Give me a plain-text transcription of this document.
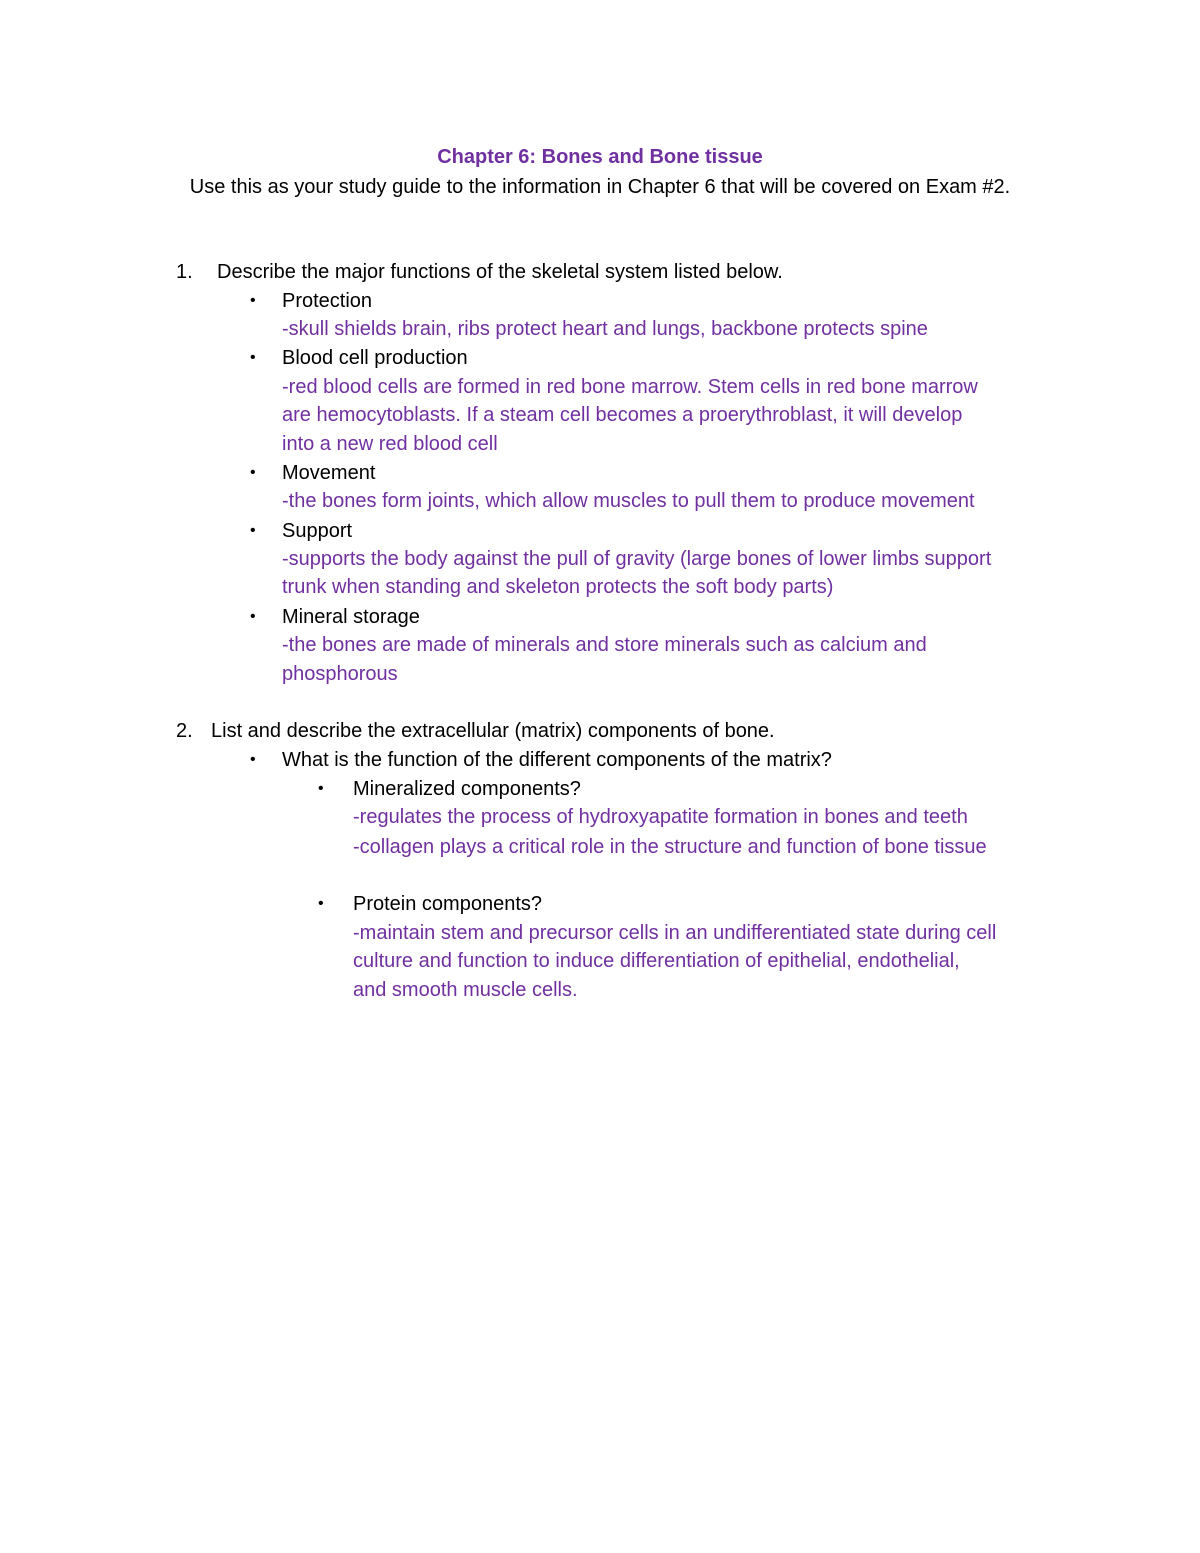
Chapter 6: Bones and Bone tissue
Use this as your study guide to the information in Chapter 6 that will be covered on Exam #2.
1. Describe the major functions of the skeletal system listed below.
• Protection
-skull shields brain, ribs protect heart and lungs, backbone protects spine
• Blood cell production
-red blood cells are formed in red bone marrow. Stem cells in red bone marrow
are hemocytoblasts. If a steam cell becomes a proerythroblast, it will develop
into a new red blood cell
• Movement
-the bones form joints, which allow muscles to pull them to produce movement
• Support
-supports the body against the pull of gravity (large bones of lower limbs support
trunk when standing and skeleton protects the soft body parts)
• Mineral storage
-the bones are made of minerals and store minerals such as calcium and
phosphorous
2. List and describe the extracellular (matrix) components of bone.
• What is the function of the different components of the matrix?
• Mineralized components?
-regulates the process of hydroxyapatite formation in bones and teeth
-collagen plays a critical role in the structure and function of bone tissue
• Protein components?
-maintain stem and precursor cells in an undifferentiated state during cell
culture and function to induce differentiation of epithelial, endothelial,
and smooth muscle cells.
